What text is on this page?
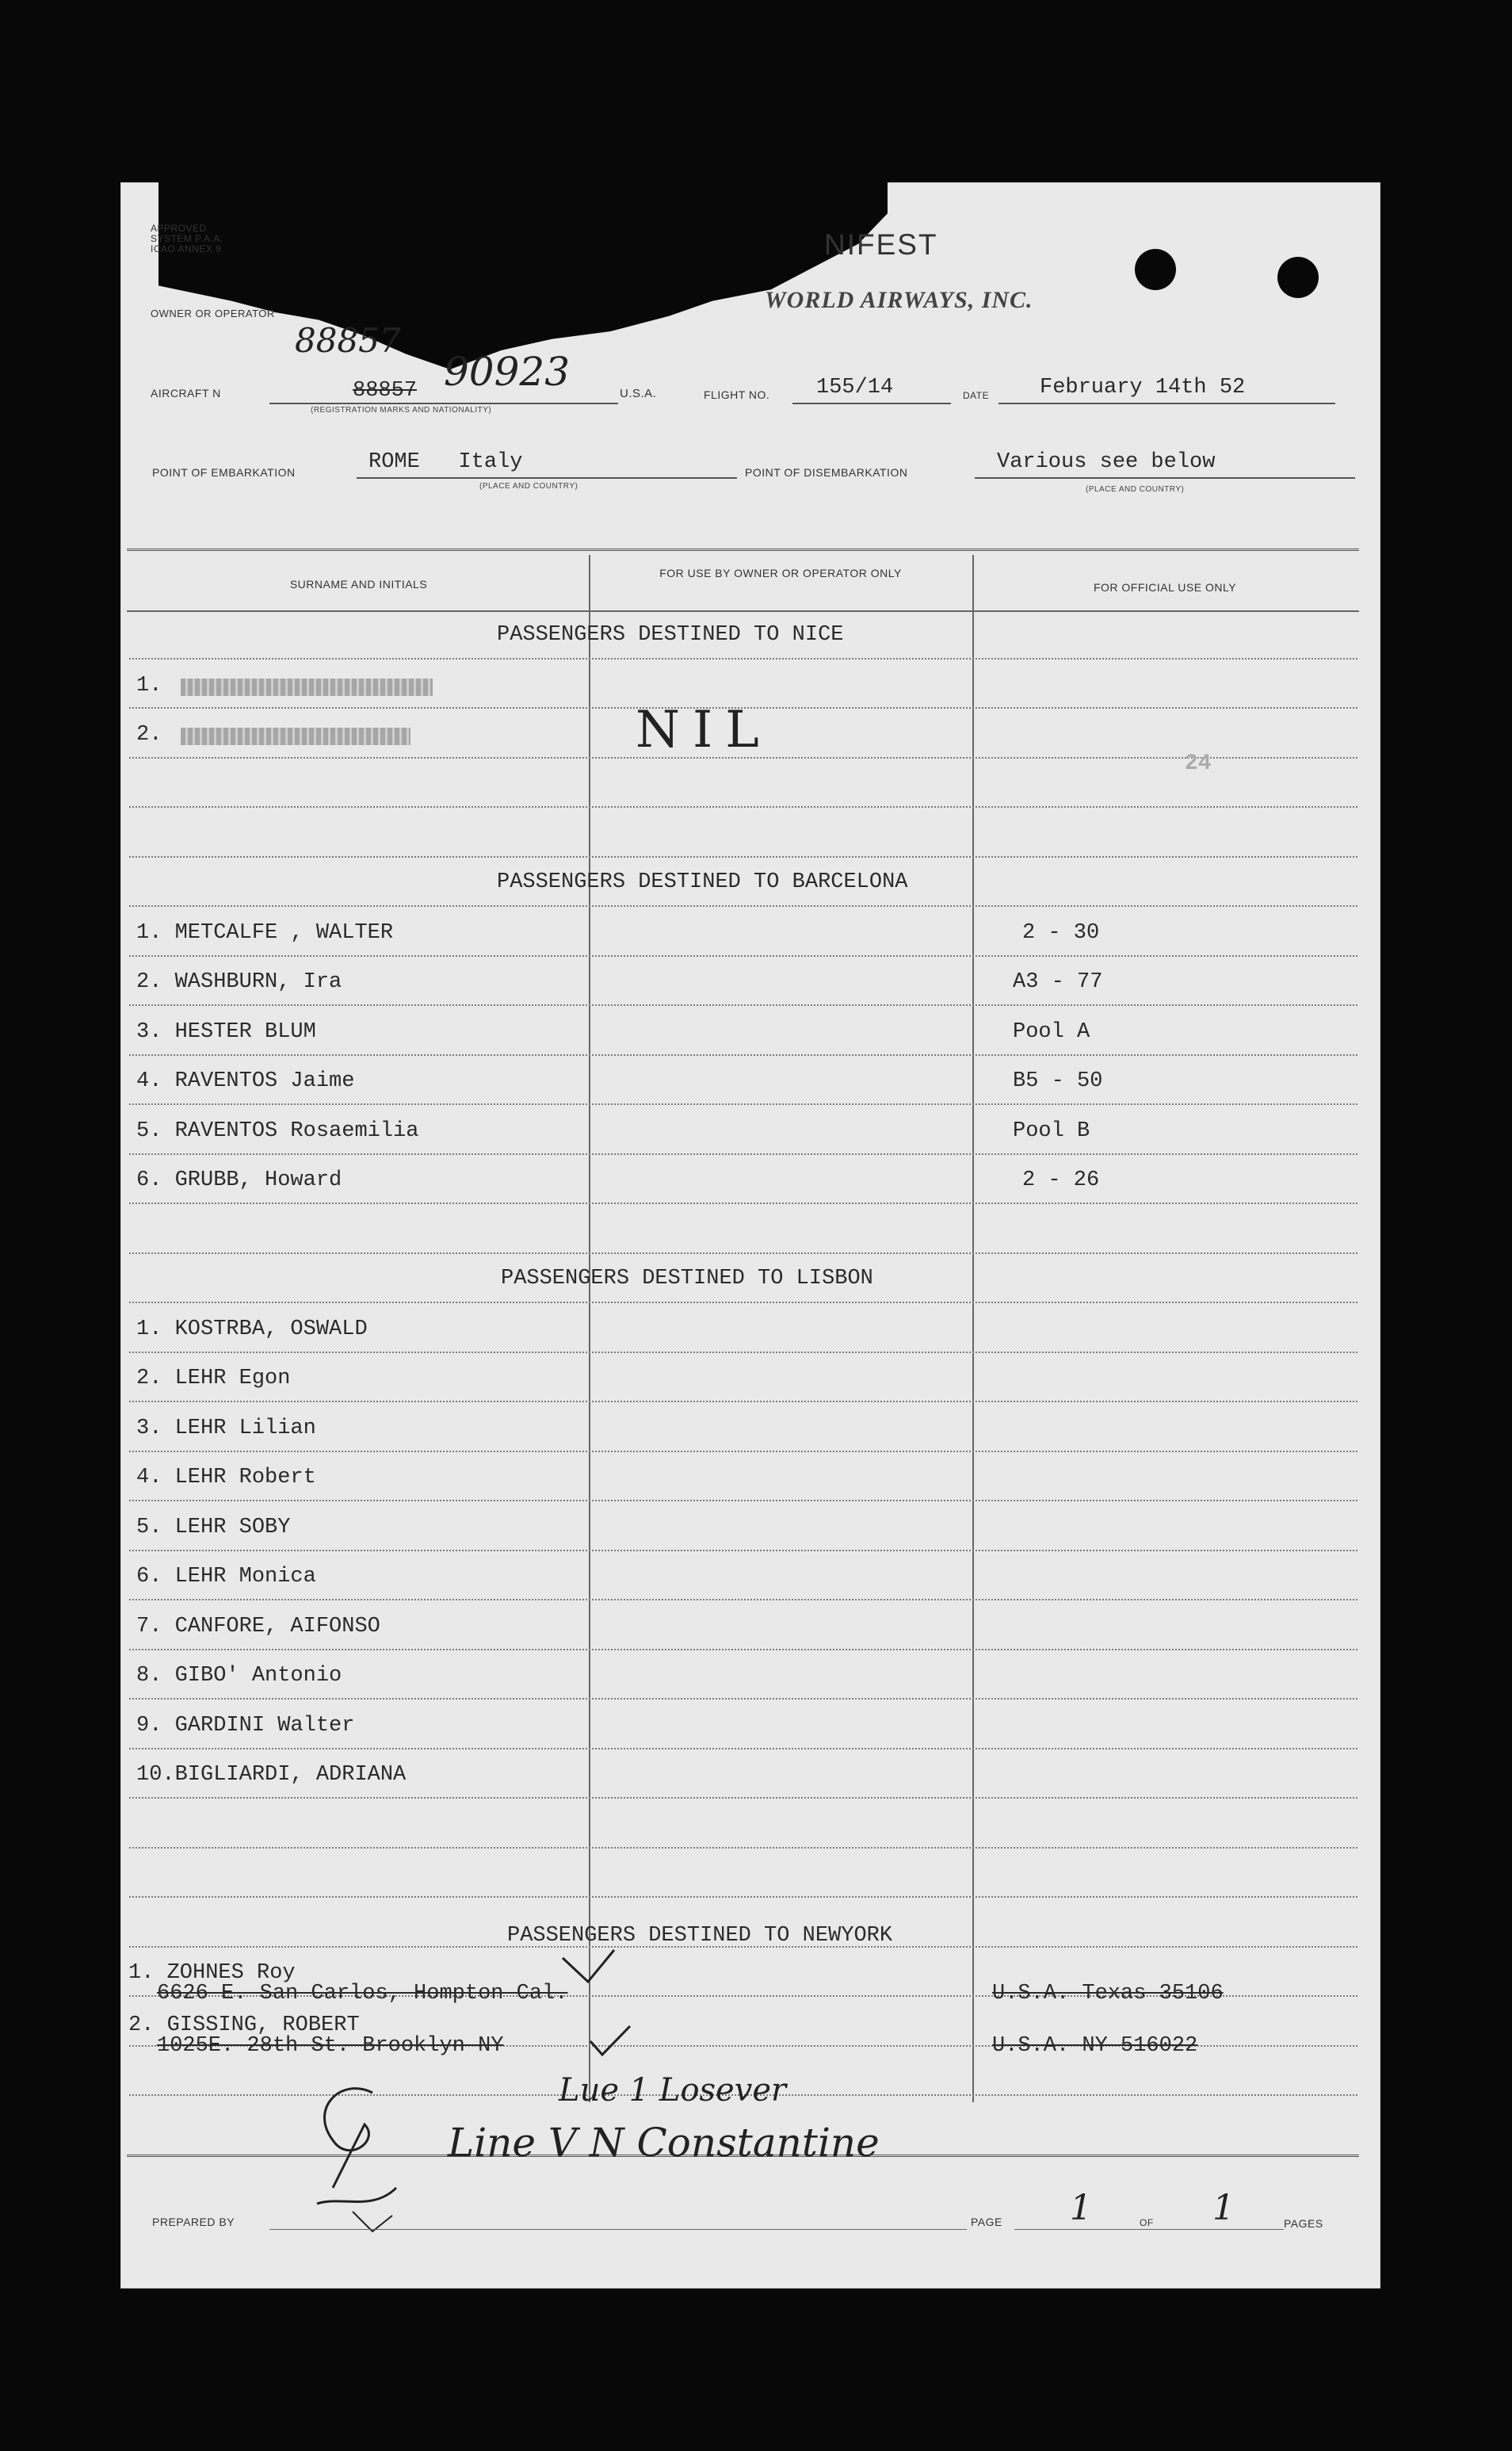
APPROVED
SYSTEM P.A.A.
ICAO ANNEX 9	NIFEST
WORLD AIRWAYS, INC.
OWNER OR OPERATOR
88857
AIRCRAFT N	88857 90923
(REGISTRATION MARKS AND NATIONALITY)
U.S.A.	FLIGHT NO. 155/14	DATE February 14th 52
POINT OF EMBARKATION	ROME   Italy
(PLACE AND COUNTRY)
POINT OF DISEMBARKATION	Various see below
(PLACE AND COUNTRY)
SURNAME AND INITIALS
FOR USE BY OWNER OR OPERATOR ONLY
FOR OFFICIAL USE ONLY
PASSENGERS DESTINED TO NICE
1.
2.	NIL
24
PASSENGERS DESTINED TO BARCELONA
1. METCALFE , WALTER	2 - 30
2. WASHBURN, Ira	A3 - 77
3. HESTER BLUM	Pool A
4. RAVENTOS Jaime	B5 - 50
5. RAVENTOS Rosaemilia	Pool B
6. GRUBB, Howard	2 - 26
PASSENGERS DESTINED TO LISBON
1. KOSTRBA, OSWALD
2. LEHR Egon
3. LEHR Lilian
4. LEHR Robert
5. LEHR SOBY
6. LEHR Monica
7. CANFORE, AIFONSO
8. GIBO' Antonio
9. GARDINI Walter
10.BIGLIARDI, ADRIANA
PASSENGERS DESTINED TO NEWYORK
1. ZOHNES Roy
6626 E. San Carlos, Hompton Cal.	U.S.A. Texas 35106
2. GISSING, ROBERT
1025E. 28th St. Brooklyn NY	U.S.A. NY 516022
Lue 1 Losever
Line V N Constantine
PREPARED BY	PAGE 1	OF 1	PAGES
